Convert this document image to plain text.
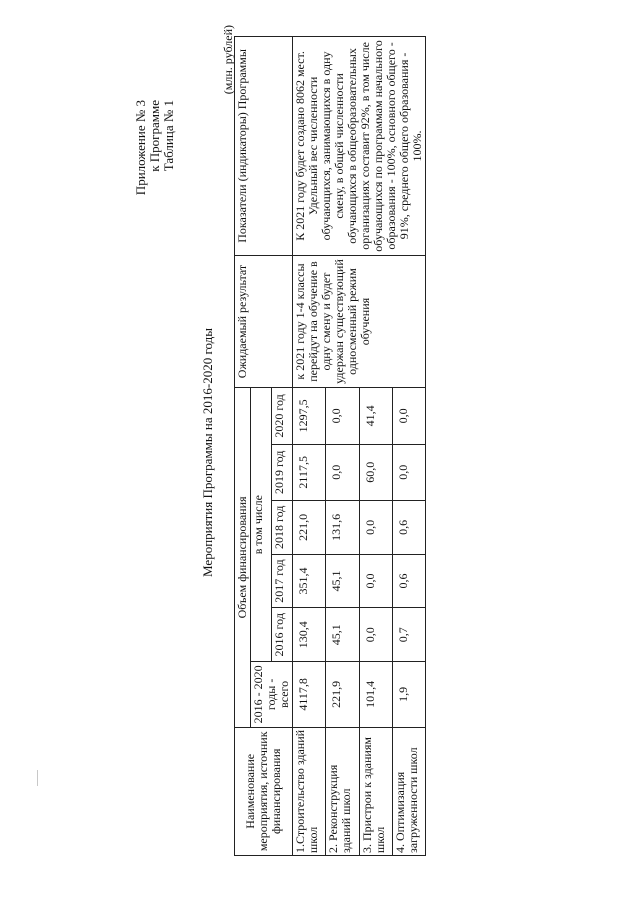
Приложение № 3 к Программе Таблица № 1
Мероприятия Программы на 2016-2020 годы
(млн. рублей)
Наименование мероприятия, источник финансирования	Объем финансирования						Ожидаемый результат	Показатели (индикаторы) Программы

	2016 - 2020 годы - всего	в том числе						
		2016 год	2017 год	2018 год	2019 год	2020 год		
1.Строительство зданий школ	4117,8	130,4	351,4	221,0	2117,5	1297,5	к 2021 году 1-4 классы перейдут на обучение в одну смену и будет удержан существующий односменный режим обучения	К 2021 году будет создано 8062 мест. Удельный вес численности обучающихся, занимающихся в одну смену, в общей численности обучающихся в общеобразовательных организациях составит 92%, в том числе обучающихся по программам начального образования - 100%, основного общего - 91%, среднего общего образования - 100%.
2. Реконструкция зданий школ	221,9	45,1	45,1	131,6	0,0	0,0		
3. Пристрои к зданиям школ	101,4	0,0	0,0	0,0	60,0	41,4		
4. Оптимизация загруженности школ	1,9	0,7	0,6	0,6	0,0	0,0		
